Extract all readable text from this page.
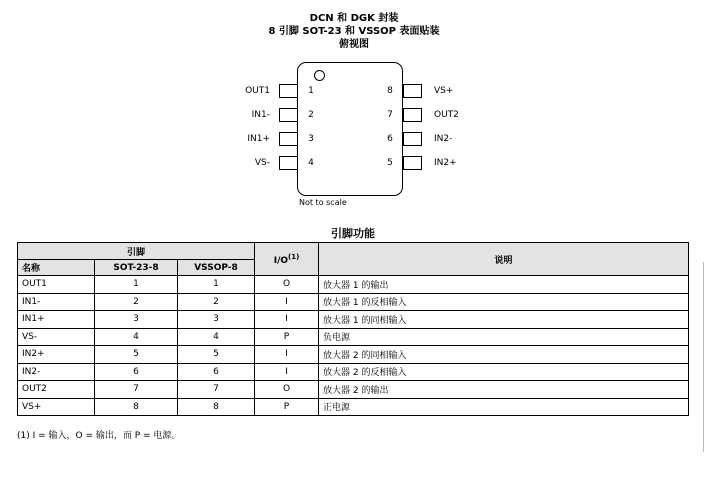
DCN 和 DGK 封装
8 引脚 SOT-23 和 VSSOP 表面贴装
俯视图
1
2
3
4
OUT1
IN1-
IN1+
VS-
8
7
6
5
VS+
OUT2
IN2-
IN2+
Not to scale
引脚功能
引脚			$I/O^{(1)}$	说明
名称	SOT-23-8	VSSOP-8		
OUT1	1	1	O	放大器 1 的输出
IN1-	2	2	I	放大器 1 的反相输入
IN1+	3	3	I	放大器 1 的同相输入
VS-	4	4	P	负电源
IN2+	5	5	I	放大器 2 的同相输入
IN2-	6	6	I	放大器 2 的反相输入
OUT2	7	7	O	放大器 2 的输出
VS+	8	8	P	正电源
(1) I = 输入，O = 输出，而 P = 电源。
